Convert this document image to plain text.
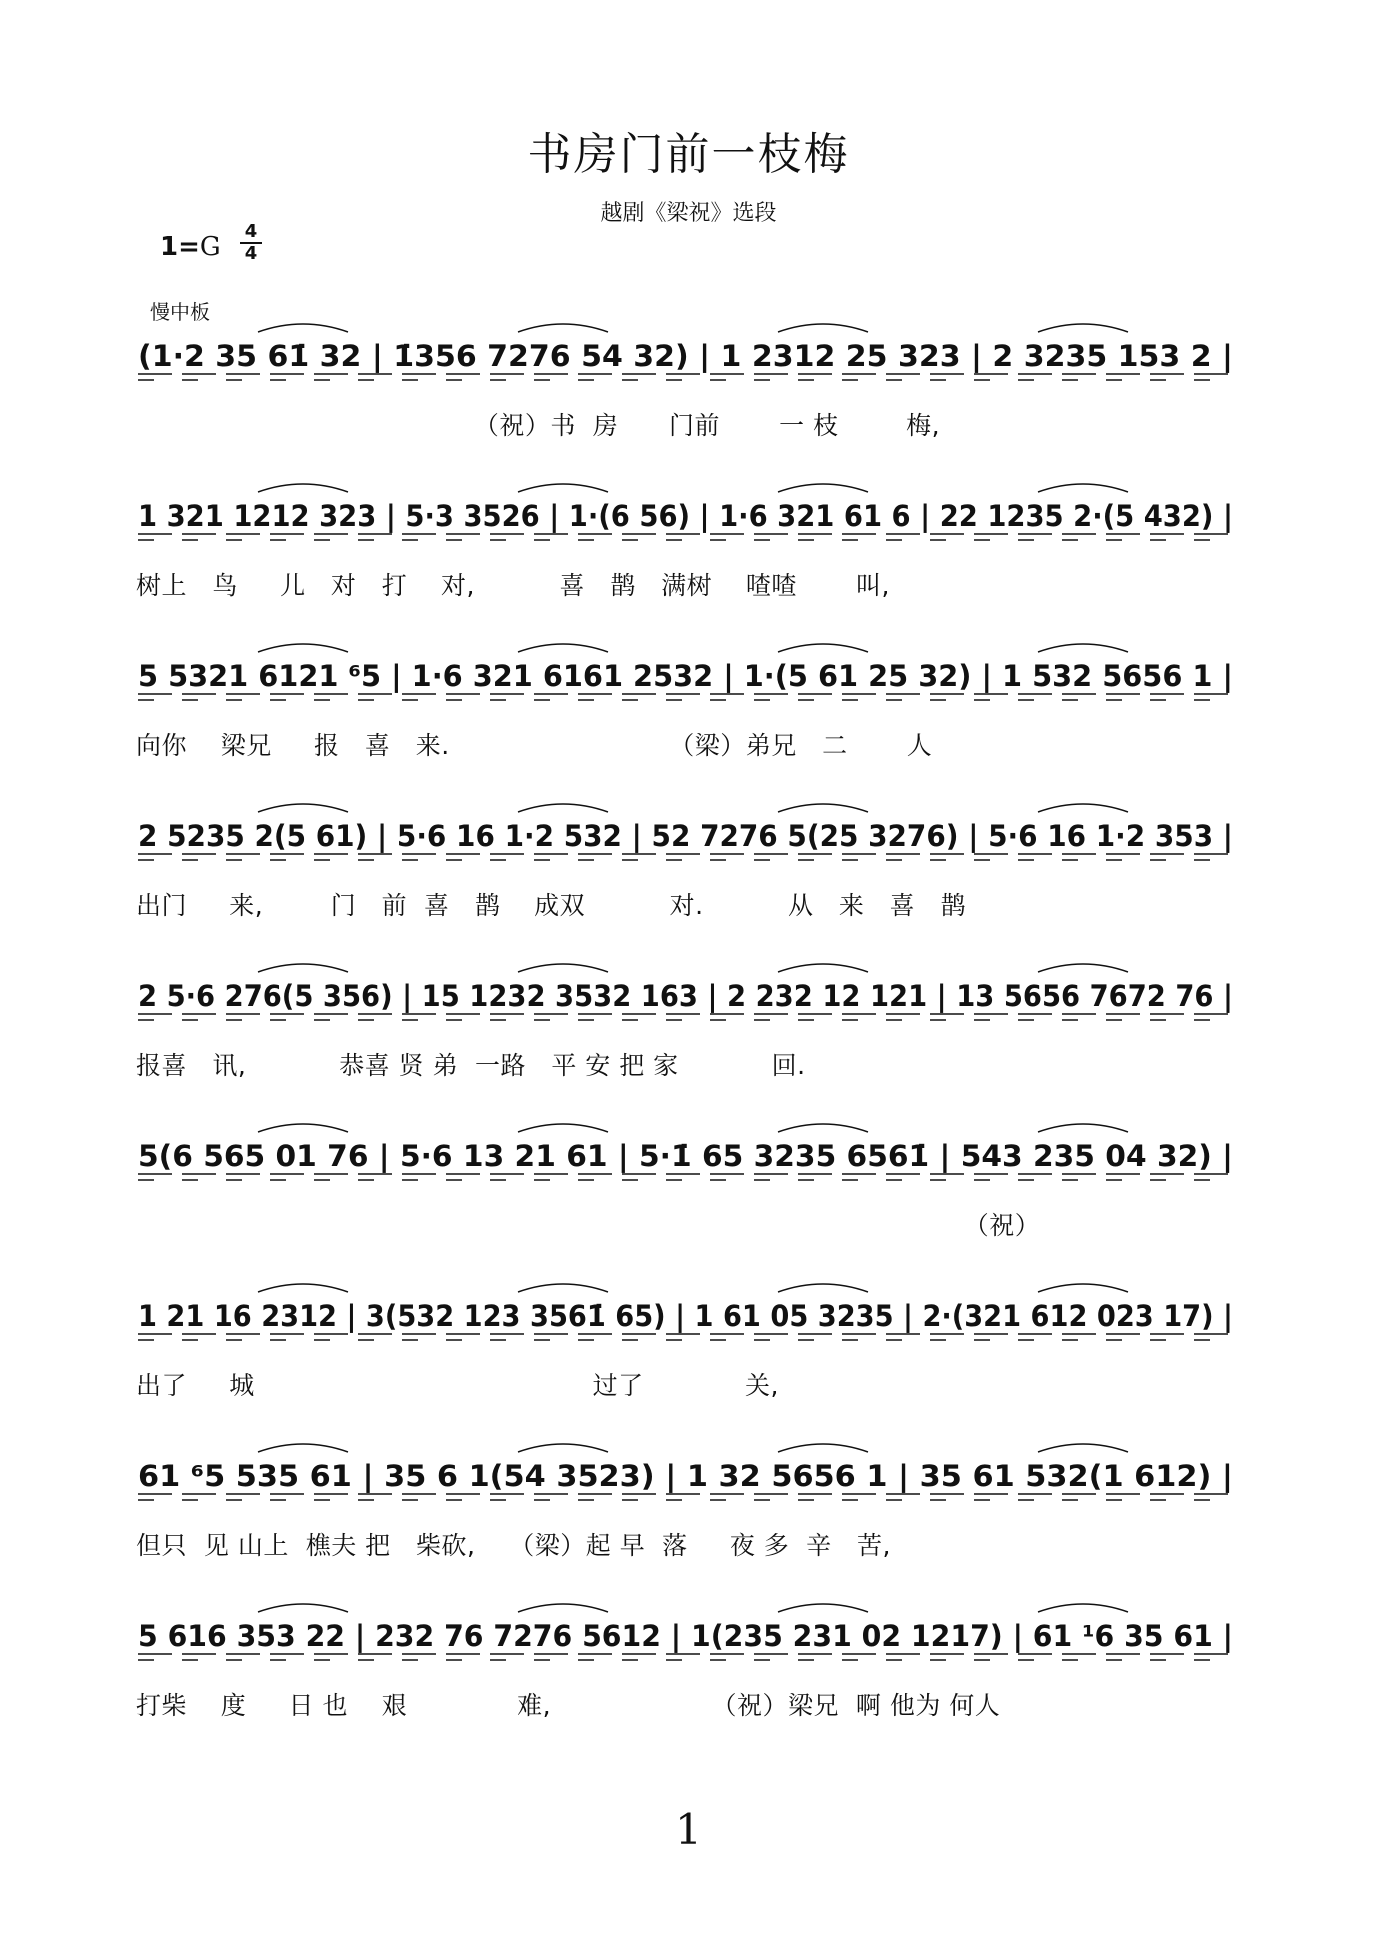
书房门前一枝梅
越剧《梁祝》选段
1=G
4
4
慢中板
(1·2 35 61̇ 32 | 1̇356 7276 54 32) | 1 2312 25 323 | 2 3235 153 2 |
（祝）书  房      门前       一 枝        梅,
1 321 1212 323 | 5·3 3526 | 1·(6 56) | 1·6 321 61 6 | 22 1235 2·(5 432) |
树上   鸟     儿   对   打    对,          喜   鹊   满树    喳喳       叫,
5 5321 6121 ⁶5 | 1·6 321 6161 2532 | 1·(5 61 25 32) | 1 532 5656 1 |
向你    梁兄     报   喜   来.                          （梁）弟兄   二       人
2 5235 2(5 61) | 5·6 16 1·2 532 | 52 7276 5(25 3276) | 5·6 16 1·2 353 |
出门     来,        门   前  喜   鹊    成双          对.          从   来   喜   鹊
2 5·6 276(5 356) | 15 1232 3532 163 | 2 232 12 121 | 13 5656 7672 76 |
报喜   讯,           恭喜 贤 弟  一路   平 安 把 家           回.
5(6 565 01 76 | 5·6 13 21 61 | 5·1̇ 65 3235 6561̇ | 543 235 04 32) |
（祝）
1 21 16 2312 | 3(532 123 3561̇ 65) | 1 61 05 3235 | 2·(321 612 023 17) |
出了     城                                        过了            关,
61 ⁶5 535 61 | 35 6 1(54 3523) | 1 32 5656 1 | 35 61 532(1 612) |
但只  见 山上  樵夫 把   柴砍,    （梁）起 早  落     夜 多  辛   苦,
5 616 353 22 | 232 76 7276 5612 | 1(235 231 02 1217) | 61 ¹6 35 61 |
打柴    度     日 也    艰             难,                   （祝）梁兄  啊 他为 何人
1
